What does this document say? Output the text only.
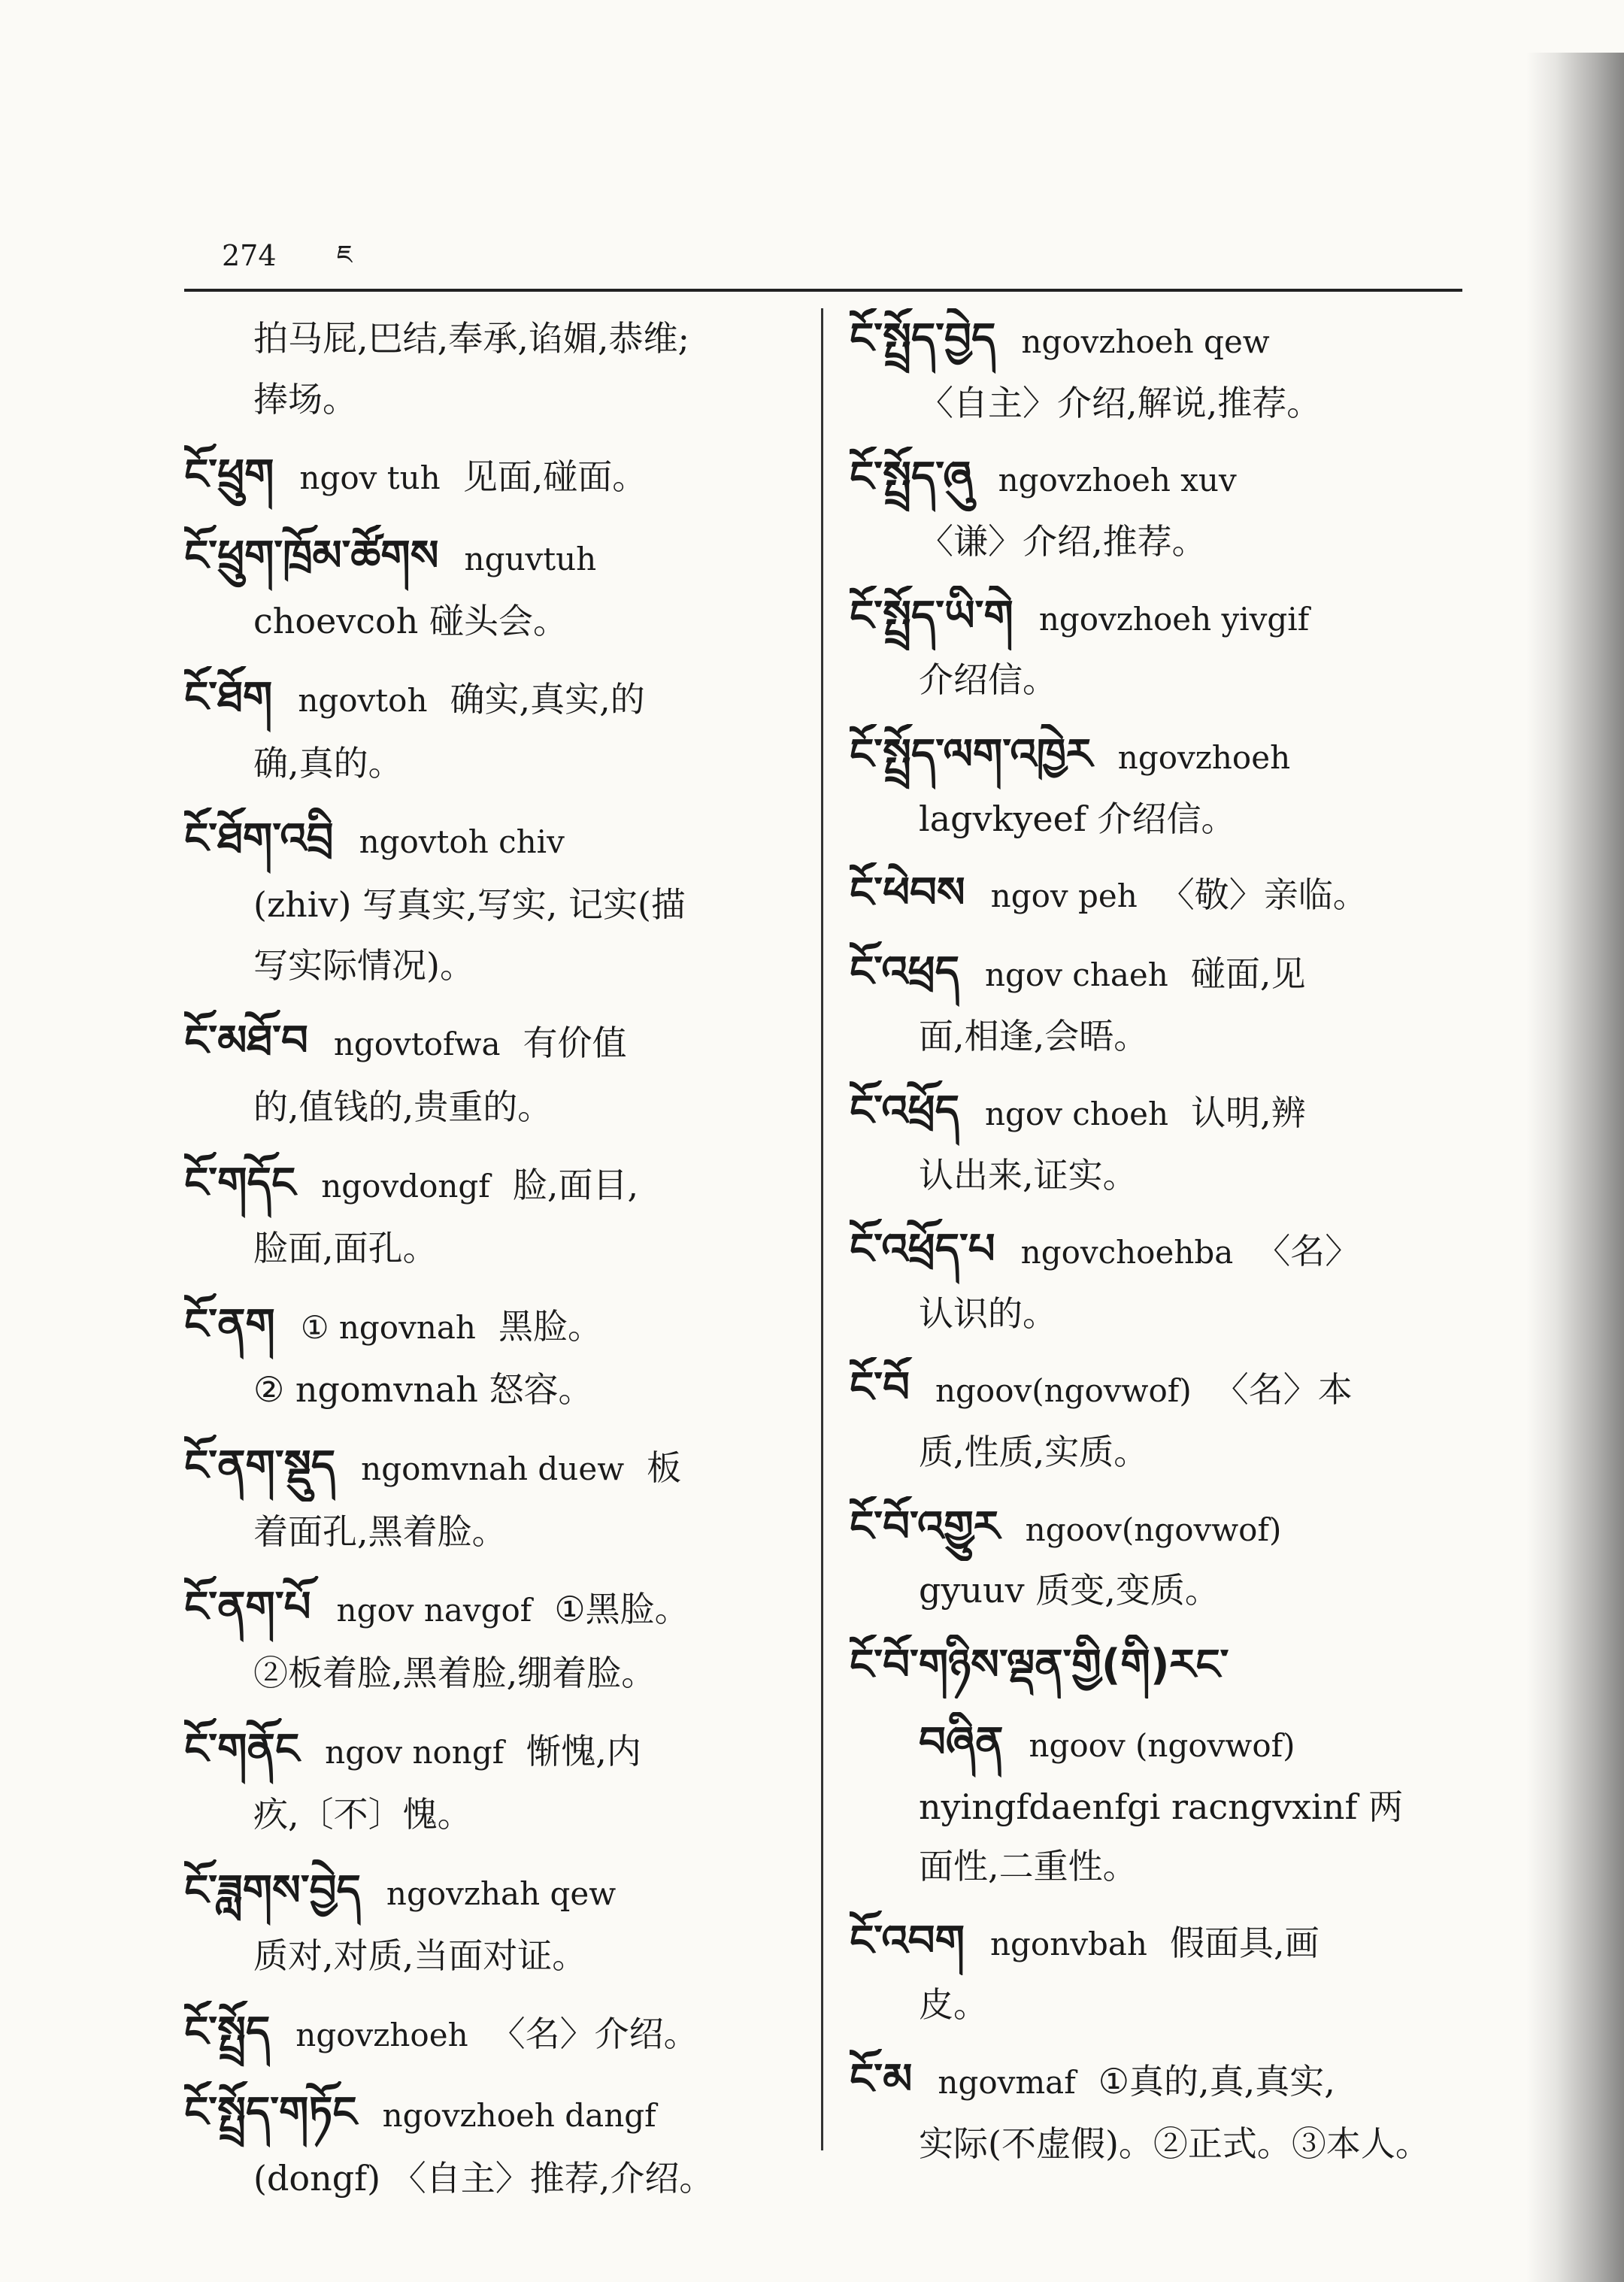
274 ཇ
拍马屁,巴结,奉承,谄媚,恭维;
捧场。
ངོ་ཕྲུག ngov tuh 见面,碰面。
ངོ་ཕྲུག་ཁྲོམ་ཚོགས nguvtuh
choevcoh 碰头会。
ངོ་ཐོག ngovtoh 确实,真实,的
确,真的。
ངོ་ཐོག་འབྲི ngovtoh chiv
(zhiv) 写真实,写实, 记实(描
写实际情况)。
ངོ་མཐོ་བ ngovtofwa 有价值
的,值钱的,贵重的。
ངོ་གདོང ngovdongf 脸,面目,
脸面,面孔。
ངོ་ནག ① ngovnah 黑脸。
② ngomvnah 怒容。
ངོ་ནག་སྡུད ngomvnah duew 板
着面孔,黑着脸。
ངོ་ནག་པོ ngov navgof ①黑脸。
②板着脸,黑着脸,绷着脸。
ངོ་གནོང ngov nongf 惭愧,内
疚,〔不〕愧。
ངོ་ཟླགས་བྱེད ngovzhah qew
质对,对质,当面对证。
ངོ་སྤྲོད ngovzhoeh 〈名〉介绍。
ངོ་སྤྲོད་གཏོང ngovzhoeh dangf
(dongf) 〈自主〉推荐,介绍。
ངོ་སྤྲོད་བྱེད ngovzhoeh qew
〈自主〉介绍,解说,推荐。
ངོ་སྤྲོད་ཞུ ngovzhoeh xuv
〈谦〉介绍,推荐。
ངོ་སྤྲོད་ཡི་གེ ngovzhoeh yivgif
介绍信。
ངོ་སྤྲོད་ལག་འཁྱེར ngovzhoeh
lagvkyeef 介绍信。
ངོ་ཕེབས ngov peh 〈敬〉亲临。
ངོ་འཕྲད ngov chaeh 碰面,见
面,相逢,会晤。
ངོ་འཕྲོད ngov choeh 认明,辨
认出来,证实。
ངོ་འཕྲོད་པ ngovchoehba 〈名〉
认识的。
ངོ་བོ ngoov(ngovwof) 〈名〉本
质,性质,实质。
ངོ་བོ་འགྱུར ngoov(ngovwof)
gyuuv 质变,变质。
ངོ་བོ་གཉིས་ལྡན་གྱི(གི)རང་
བཞིན ngoov (ngovwof)
nyingfdaenfgi racngvxinf 两
面性,二重性。
ངོ་འབག ngonvbah 假面具,画
皮。
ངོ་མ ngovmaf ①真的,真,真实,
实际(不虚假)。②正式。③本人。
